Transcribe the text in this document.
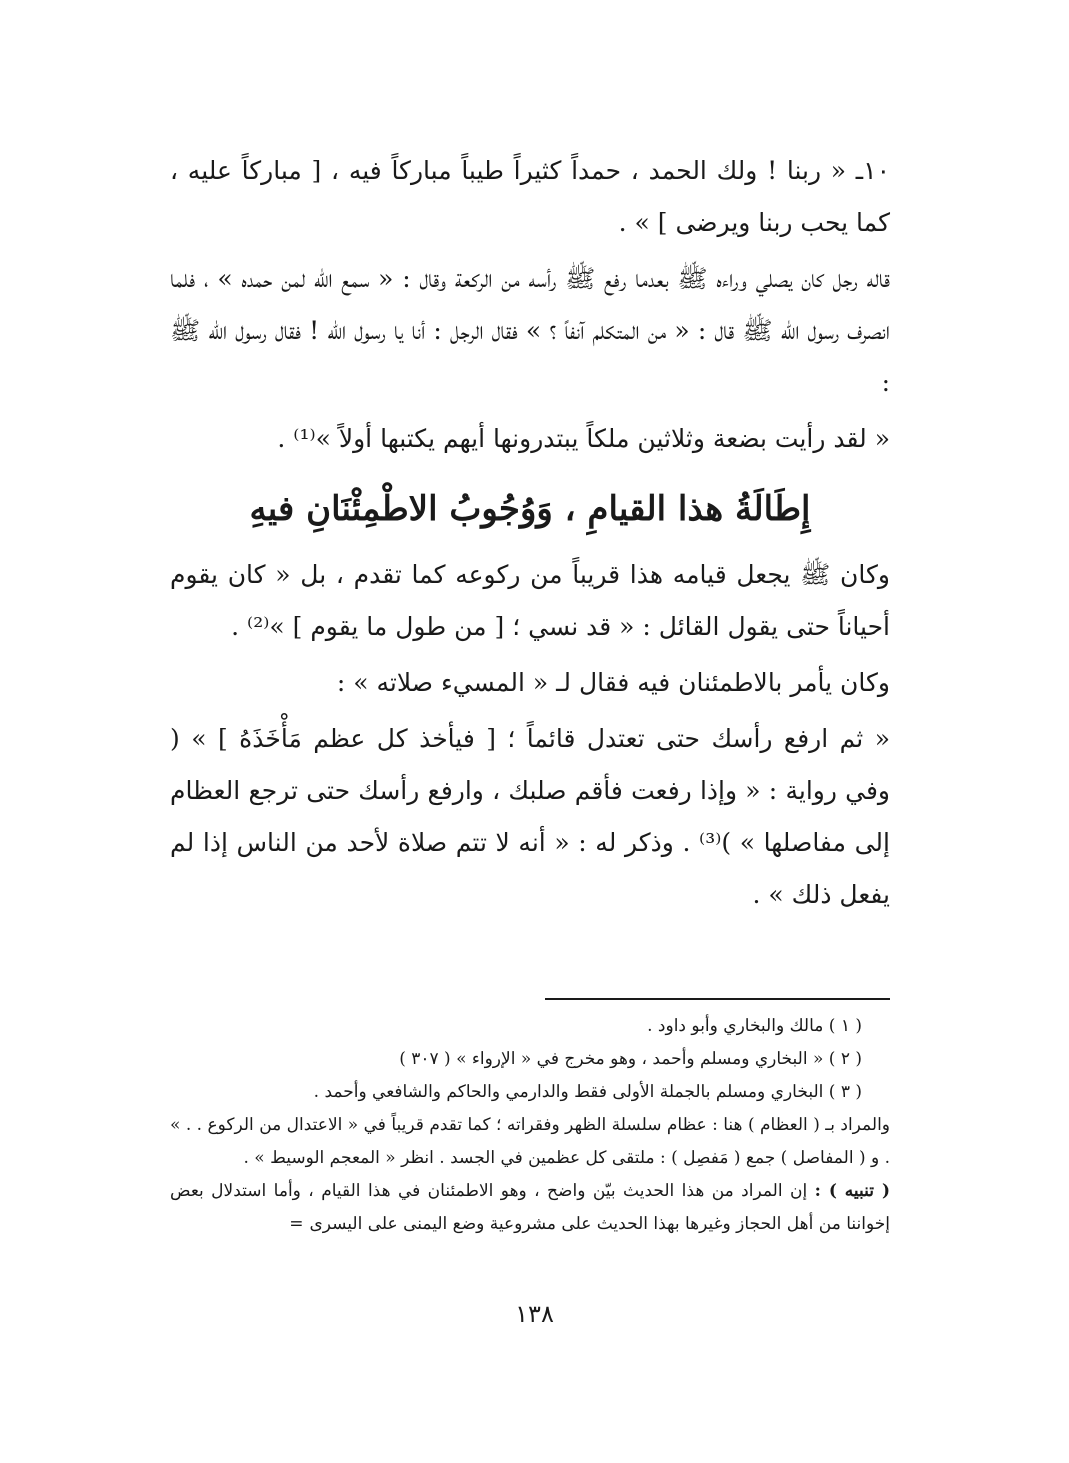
١٠ـ « ربنا ! ولك الحمد ، حمداً كثيراً طيباً مباركاً فيه ، [ مباركاً عليه ، كما يحب ربنا ويرضى ] » .

قاله رجل كان يصلي وراءه ﷺ بعدما رفع ﷺ رأسه من الركعة وقال : « سمع الله لمن حمده » ، فلما انصرف رسول الله ﷺ قال : « من المتكلم آنفاً ؟ » فقال الرجل : أنا يا رسول الله ! فقال رسول الله ﷺ :

« لقد رأيت بضعة وثلاثين ملكاً يبتدرونها أيهم يكتبها أولاً »⁽¹⁾ .

إِطَالَةُ هذا القيامِ ، وَوُجُوبُ الاطْمِئْنَانِ فيهِ

وكان ﷺ يجعل قيامه هذا قريباً من ركوعه كما تقدم ، بل « كان يقوم أحياناً حتى يقول القائل : « قد نسي ؛ [ من طول ما يقوم ] »⁽²⁾ .

وكان يأمر بالاطمئنان فيه فقال لـ « المسيء صلاته » :

« ثم ارفع رأسك حتى تعتدل قائماً ؛ [ فيأخذ كل عظم مَأْخَذَهُ ] » ( وفي رواية : « وإذا رفعت فأقم صلبك ، وارفع رأسك حتى ترجع العظام إلى مفاصلها » )⁽³⁾ . وذكر له : « أنه لا تتم صلاة لأحد من الناس إذا لم يفعل ذلك » .

( ١ ) مالك والبخاري وأبو داود .

( ٢ ) « البخاري ومسلم وأحمد ، وهو مخرج في « الإرواء » ( ٣٠٧ )

( ٣ ) البخاري ومسلم بالجملة الأولى فقط والدارمي والحاكم والشافعي وأحمد .

والمراد بـ ( العظام ) هنا : عظام سلسلة الظهر وفقراته ؛ كما تقدم قريباً في « الاعتدال من الركوع . . » . و ( المفاصل ) جمع ( مَفصِل ) : ملتقى كل عظمين في الجسد . انظر « المعجم الوسيط » .

( تنبيه ) : إن المراد من هذا الحديث بيّن واضح ، وهو الاطمئنان في هذا القيام ، وأما استدلال بعض إخواننا من أهل الحجاز وغيرها بهذا الحديث على مشروعية وضع اليمنى على اليسرى=

١٣٨
